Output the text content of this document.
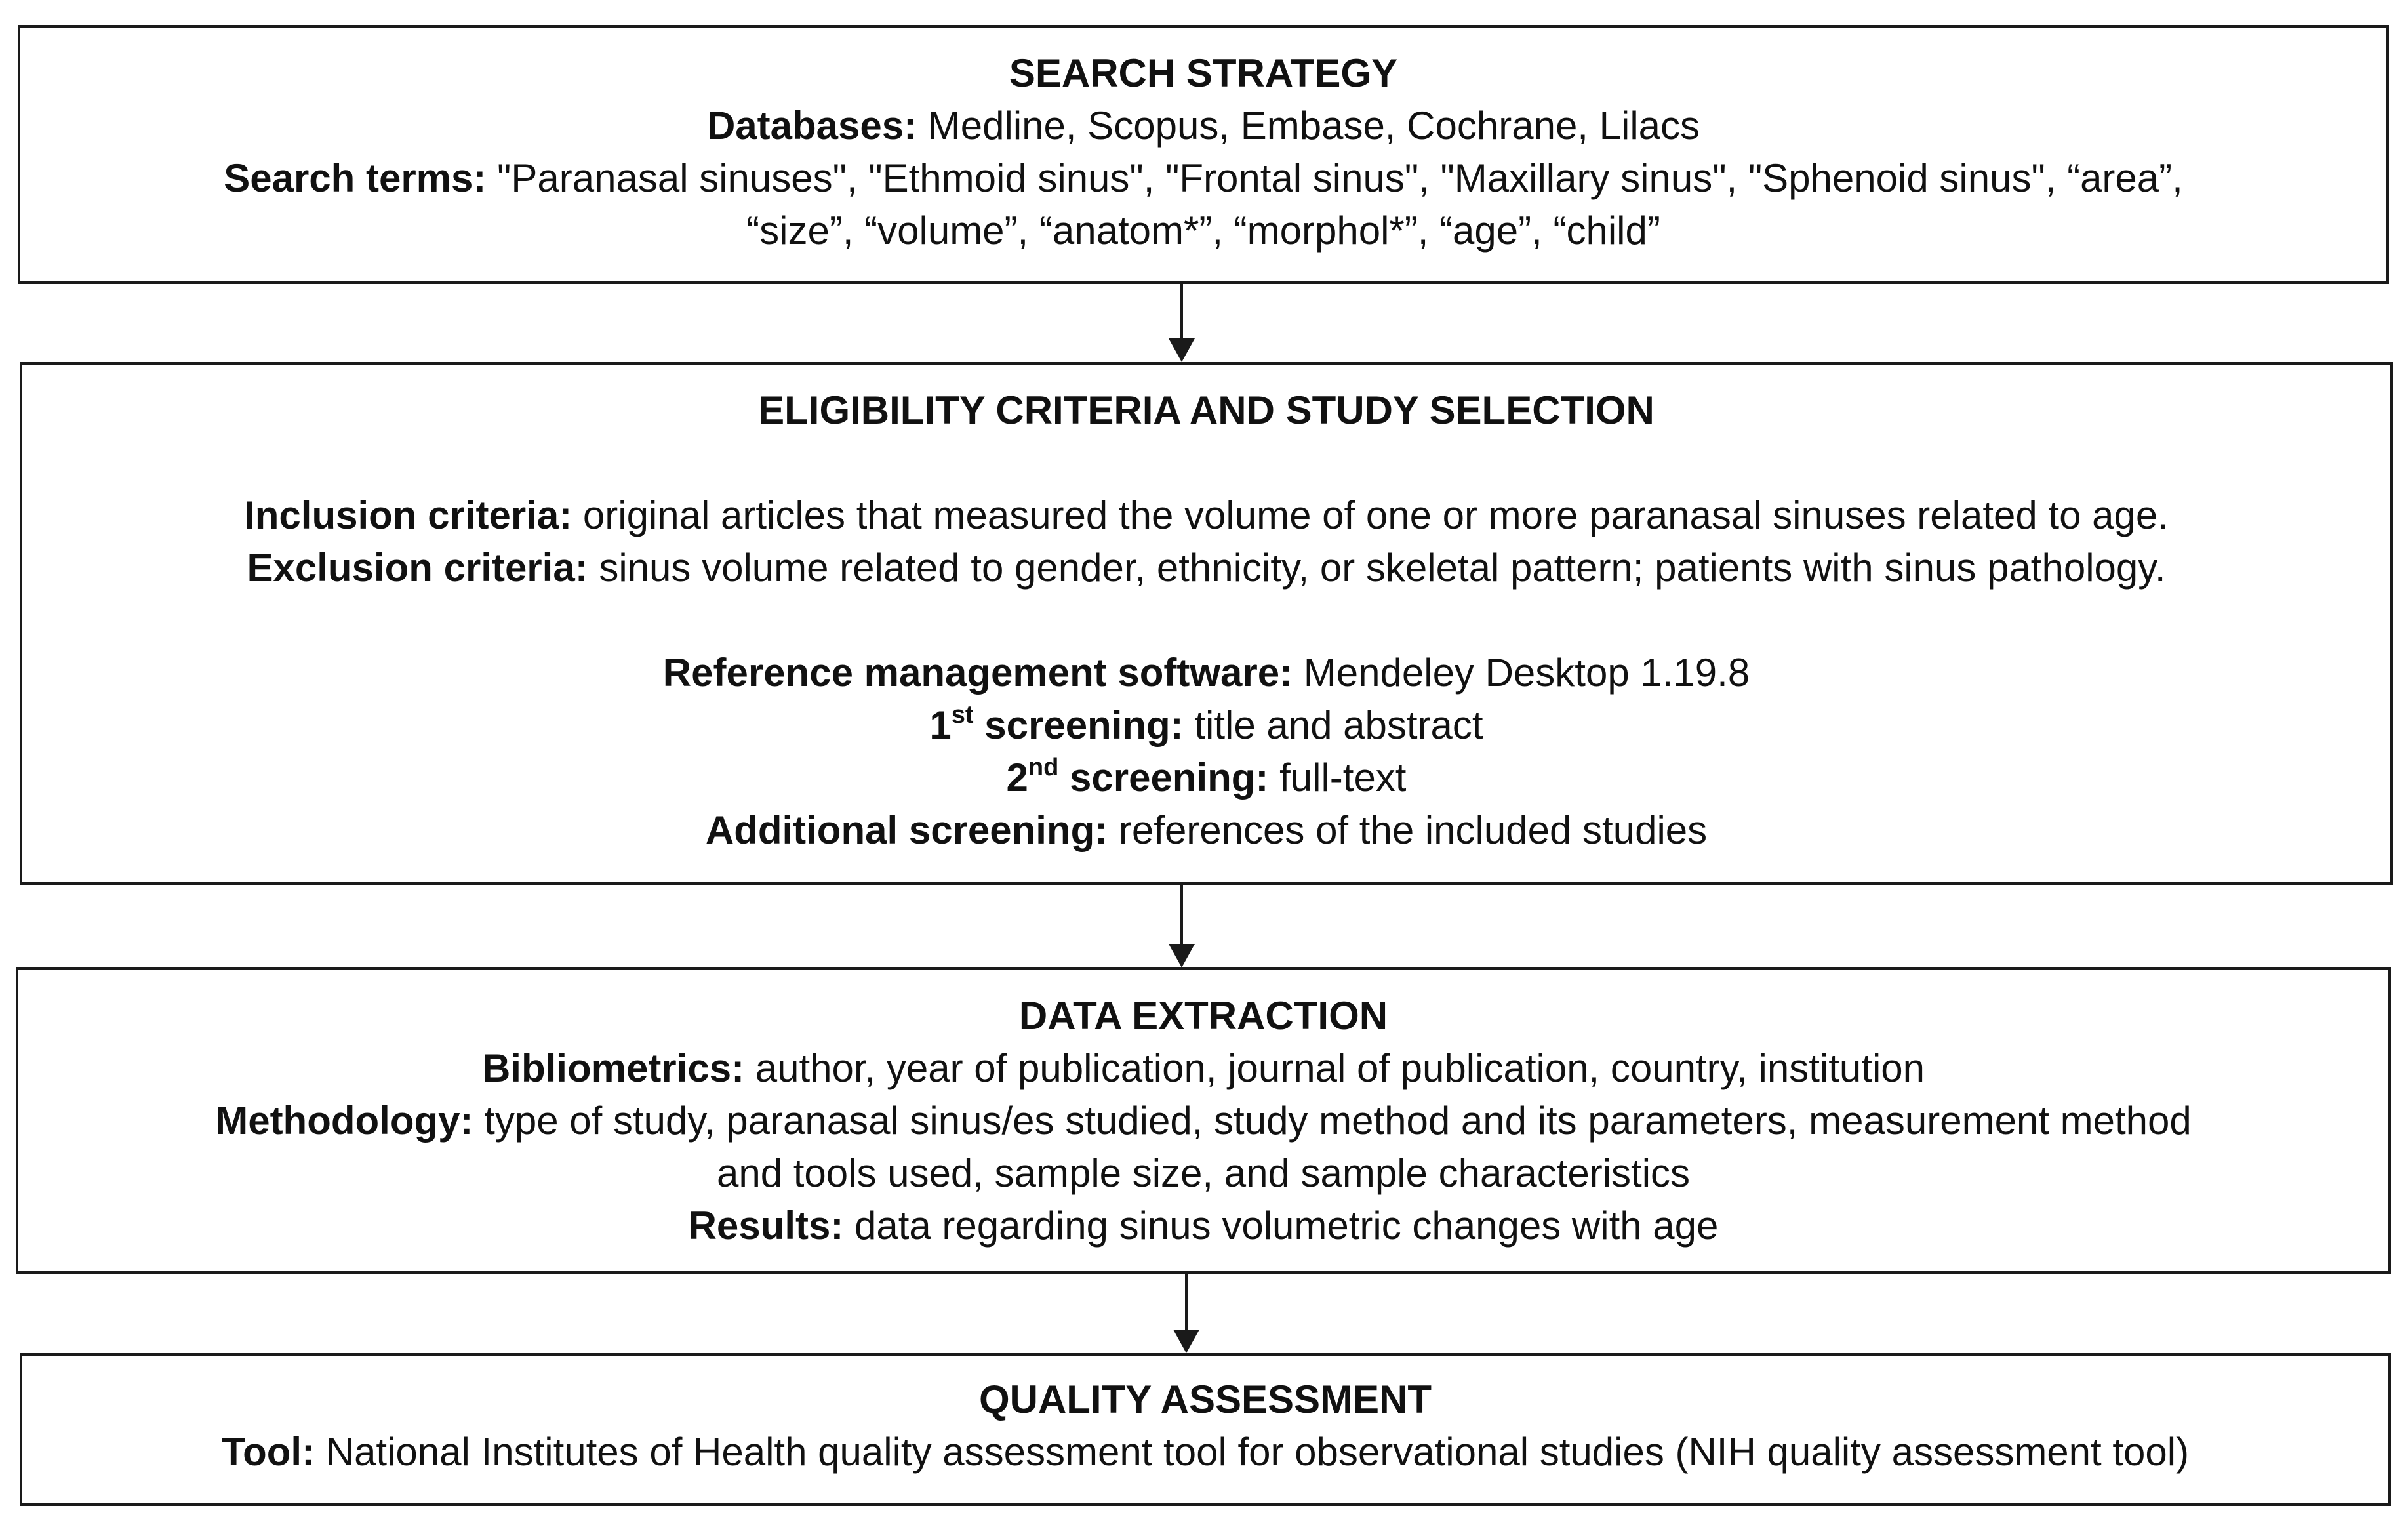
SEARCH STRATEGY
Databases: Medline, Scopus, Embase, Cochrane, Lilacs
Search terms: "Paranasal sinuses", "Ethmoid sinus", "Frontal sinus", "Maxillary sinus", "Sphenoid sinus", “area”,
“size”, “volume”, “anatom*”, “morphol*”, “age”, “child”
ELIGIBILITY CRITERIA AND STUDY SELECTION
Inclusion criteria: original articles that measured the volume of one or more paranasal sinuses related to age.
Exclusion criteria: sinus volume related to gender, ethnicity, or skeletal pattern; patients with sinus pathology.
Reference management software: Mendeley Desktop 1.19.8
1st screening: title and abstract
2nd screening: full-text
Additional screening: references of the included studies
DATA EXTRACTION
Bibliometrics: author, year of publication, journal of publication, country, institution
Methodology: type of study, paranasal sinus/es studied, study method and its parameters, measurement method
and tools used, sample size, and sample characteristics
Results: data regarding sinus volumetric changes with age
QUALITY ASSESSMENT
Tool: National Institutes of Health quality assessment tool for observational studies (NIH quality assessment tool)
